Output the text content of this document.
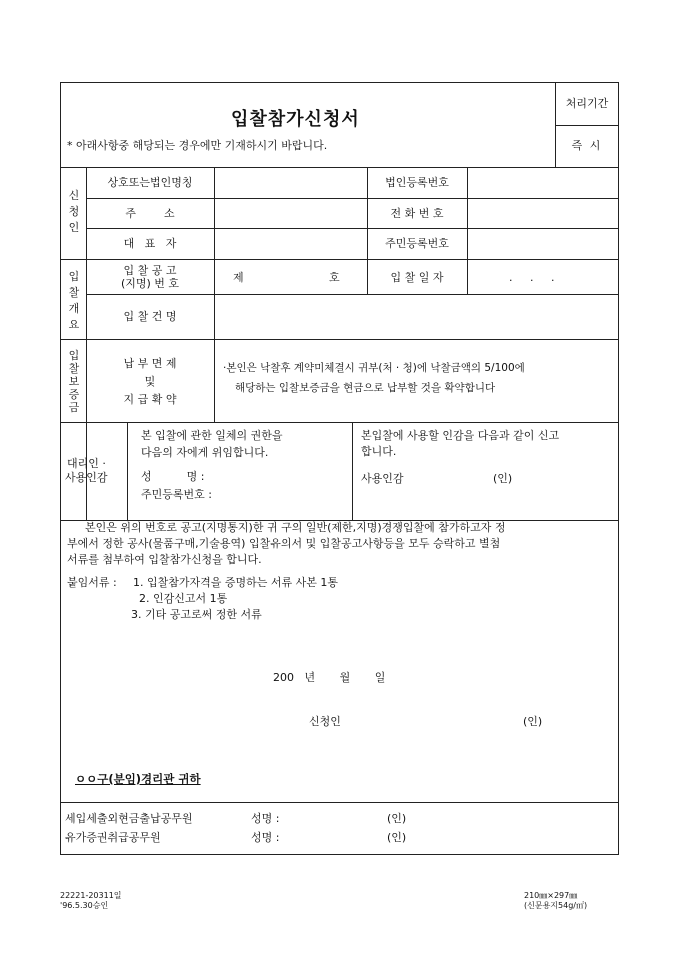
입찰참가신청서
* 아래사항중 해당되는 경우에만 기재하시기 바랍니다.
처리기간
즉 시
신
청
인
상호또는법인명칭	법인등록번호
주        소	전 화 번 호
대   표   자	주민등록번호
입
찰
개
요
입 찰 공 고
(지명) 번 호	제	호	입 찰 일 자	.     .     .
입 찰 건 명
입
찰
보
증
금
납 부 면 제
및
지 급 확 약
·본인은 낙찰후 계약미체결시 귀부(처 · 청)에 낙찰금액의 5/100에
해당하는 입찰보증금을 현금으로 납부할 것을 확약합니다
대리인 ·
사용인감
본 입찰에 관한 일체의 권한을
다음의 자에게 위임합니다.
성          명 :
주민등록번호 :
본입찰에 사용할 인감을 다음과 같이 신고
합니다.
사용인감	(인)
본인은 위의 번호로 공고(지명통지)한 귀 구의 일반(제한,지명)경쟁입찰에 참가하고자 정
부에서 정한 공사(물품구매,기술용역) 입찰유의서 및 입찰공고사항등을 모두 승락하고 별첨
서류를 첨부하여 입찰참가신청을 합니다.
붙임서류 : 1. 입찰참가자격을 증명하는 서류 사본 1통
2. 인감신고서 1통
3. 기타 공고로써 정한 서류
200   년       월       일
신청인	(인)
ㅇㅇ구(분임)경리관 귀하
세입세출외현금출납공무원	성명 :	(인)
유가증권취급공무원	성명 :	(인)
22221-20311일
'96.5.30승인
210㎜×297㎜
(신문용지54g/㎡)
